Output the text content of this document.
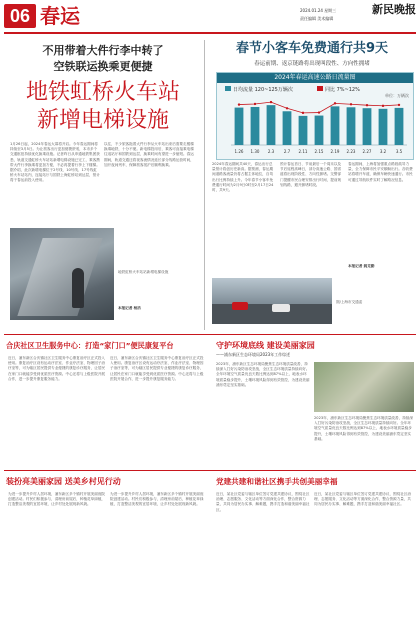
06 春运	2024.01.24 星期三
责任编辑 美术编辑
新民晚报
不用带着大件行李中转了
空铁联运换乘更便捷
地铁虹桥火车站
新增电梯设施
1月26日起，2024年春运大幕将开启。今年春运期间将持续至3月5日。为让旅客出行更加便捷舒适，本市多个交通枢纽持续优化换乘设施。记者昨日从申通地铁集团获悉，轨道交通虹桥火车站站新增电梯设施已完工，乘客携带大件行李换乘将更加方便，不必再提着行李上下楼梯。据介绍，此次新增电梯位于2号线、10号线、17号线虹桥火车站站内，连接站厅与国铁上海虹桥站到达层，预计将于春运前投入使用。
以往，不少旅客拖着大件行李从火车站出来后需要走楼梯换乘地铁，十分不便。新电梯投用后，乘客可直接乘电梯往返站厅和国铁到达层，换乘时间有望进一步缩短。春运期间，轨道交通还将视客流情况延长部分线路运营时间，加开夜间列车，保障旅客抵沪后顺利换乘。
地铁虹桥火车站站新增电梯设施
本报记者 杨洁
春节小客车免费通行共9天
春运前期、返京链路将出现叫段性、方向性拥堵
2024年春运高速公路日流量图
日均流量 120~125万辆次	同比 7%~12%
1.26 1.30 2.3 2.7 2.11 2.15 2.19 2.23 2.27 3.2 3.5
单位：万辆次
2024年春运期间共40天，春运出行总量预计将创历史新高。据预测，春运期间道路客流量仍将占据主体地位，自驾出行比例持续上升。今年春节小客车免费通行时间为2月9日0时至2月17日24时，共9天。
预计春运首日、节前最后一个周末以及节后返程高峰日，部分高速公路、国省道将出现阶段性、方向性拥堵。交警部门提醒市民合理安排出行时间，提前规划线路，避开拥堵时段。
春运期间，上海将加强重点路段疏导力量，全力保障市民平安顺畅出行。各收费站将增开车道，确保车辆快速通行。市民可通过导航软件实时了解路况信息。
本报记者 姚克勤
图/上海市交通委
合庆社区卫生服务中心：打造“家门口”便民康复平台
近日，浦东新区合庆镇社区卫生服务中心康复治疗区正式投入使用。康复治疗区设有运动疗法室、作业疗法室、物理因子治疗室等，可为辖区居民提供专业便捷的康复诊疗服务，让居民在家门口就能享受到优质医疗资源。中心还将与上级医院开展合作，进一步提升康复服务能力。
近日，浦东新区合庆镇社区卫生服务中心康复治疗区正式投入使用。康复治疗区设有运动疗法室、作业疗法室、物理因子治疗室等，可为辖区居民提供专业便捷的康复诊疗服务，让居民在家门口就能享受到优质医疗资源。中心还将与上级医院开展合作，进一步提升康复服务能力。
守护环境底线 建设美丽家园
——浦东新区生态环境局2023年工作综述
2023年，浦东新区生态环境局聚焦生态环境质量改善，持续深入打好污染防治攻坚战，全区生态环境质量持续向好。全年环境空气质量优良天数比例达到87%以上，地表水环境质量稳步提升，土壤环境风险得到有效管控，为建设美丽浦东奠定坚实基础。
2023年，浦东新区生态环境局聚焦生态环境质量改善，持续深入打好污染防治攻坚战，全区生态环境质量持续向好。全年环境空气质量优良天数比例达到87%以上，地表水环境质量稳步提升，土壤环境风险得到有效管控，为建设美丽浦东奠定坚实基础。
装扮亮美丽家园 送美乡村见行动
为进一步提升乡村人居环境，浦东新区多个镇村开展美丽庭院创建活动。村民们积极参与，清理房前屋后，种植花草绿植，打造整洁美观的宜居环境，让乡村处处展现新风貌。
为进一步提升乡村人居环境，浦东新区多个镇村开展美丽庭院创建活动。村民们积极参与，清理房前屋后，种植花草绿植，打造整洁美观的宜居环境，让乡村处处展现新风貌。
党建共建和谐社区携手共创美丽幸福
近日，某社区党委与辖区单位签订党建共建协议，围绕社区治理、志愿服务、文化活动等方面深化合作，整合资源力量，共同为居民办实事、解难题，携手打造和谐美丽幸福社区。
近日，某社区党委与辖区单位签订党建共建协议，围绕社区治理、志愿服务、文化活动等方面深化合作，整合资源力量，共同为居民办实事、解难题，携手打造和谐美丽幸福社区。
